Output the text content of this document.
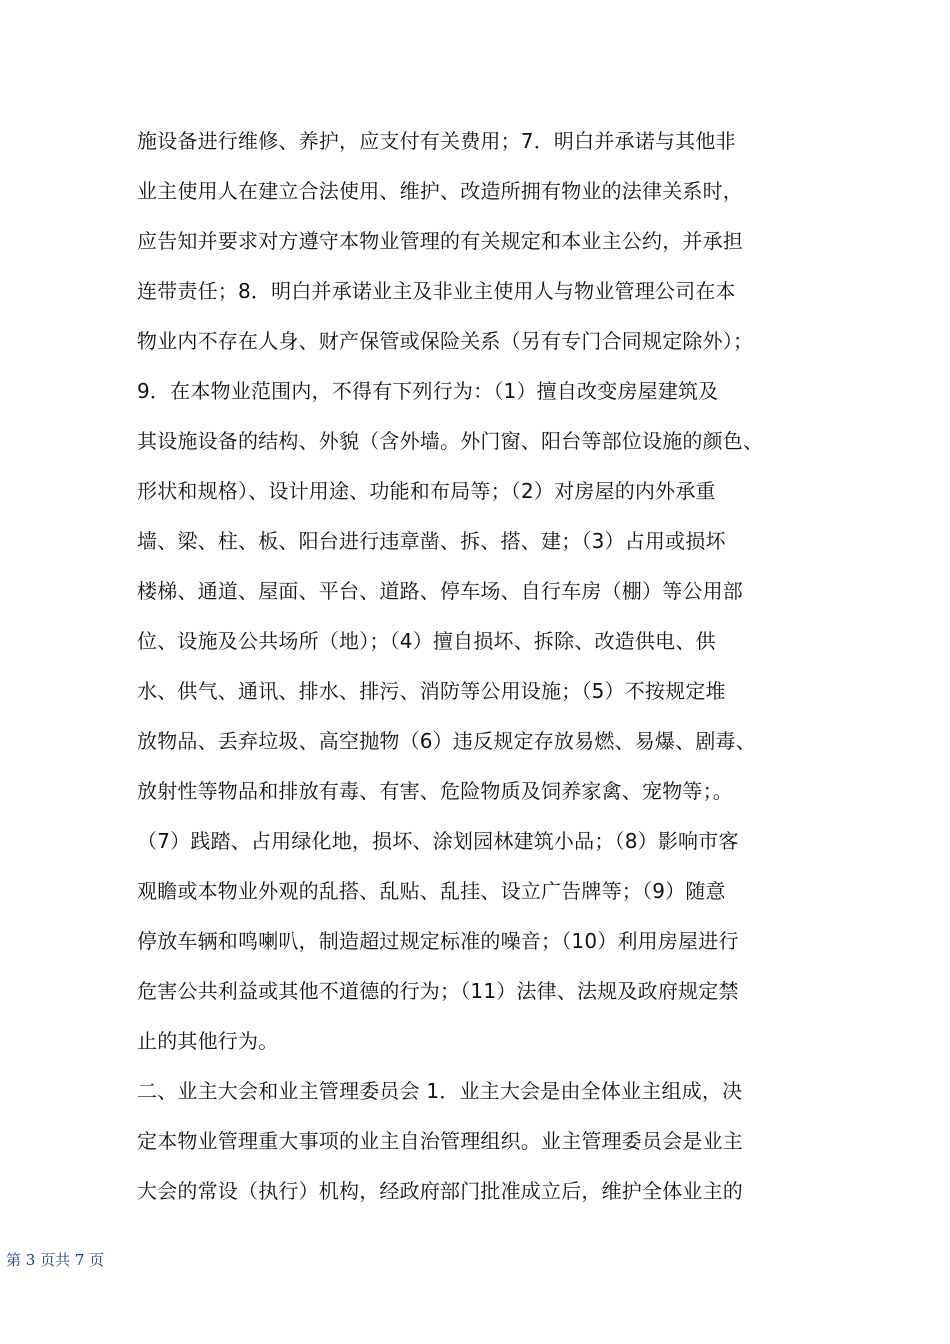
施设备进行维修、养护，应支付有关费用；7．明白并承诺与其他非
业主使用人在建立合法使用、维护、改造所拥有物业的法律关系时，
应告知并要求对方遵守本物业管理的有关规定和本业主公约，并承担
连带责任；8．明白并承诺业主及非业主使用人与物业管理公司在本
物业内不存在人身、财产保管或保险关系（另有专门合同规定除外）；
9．在本物业范围内，不得有下列行为：（1）擅自改变房屋建筑及
其设施设备的结构、外貌（含外墙。外门窗、阳台等部位设施的颜色、
形状和规格）、设计用途、功能和布局等；（2）对房屋的内外承重
墙、梁、柱、板、阳台进行违章凿、拆、搭、建；（3）占用或损坏
楼梯、通道、屋面、平台、道路、停车场、自行车房（棚）等公用部
位、设施及公共场所（地）；（4）擅自损坏、拆除、改造供电、供
水、供气、通讯、排水、排污、消防等公用设施；（5）不按规定堆
放物品、丢弃垃圾、高空抛物（6）违反规定存放易燃、易爆、剧毒、
放射性等物品和排放有毒、有害、危险物质及饲养家禽、宠物等；。
（7）践踏、占用绿化地，损坏、涂划园林建筑小品；（8）影响市客
观瞻或本物业外观的乱搭、乱贴、乱挂、设立广告牌等；（9）随意
停放车辆和鸣喇叭，制造超过规定标准的噪音；（10）利用房屋进行
危害公共利益或其他不道德的行为；（11）法律、法规及政府规定禁
止的其他行为。
二、业主大会和业主管理委员会 1．业主大会是由全体业主组成，决
定本物业管理重大事项的业主自治管理组织。业主管理委员会是业主
大会的常设（执行）机构，经政府部门批准成立后，维护全体业主的
第 3 页共 7 页
